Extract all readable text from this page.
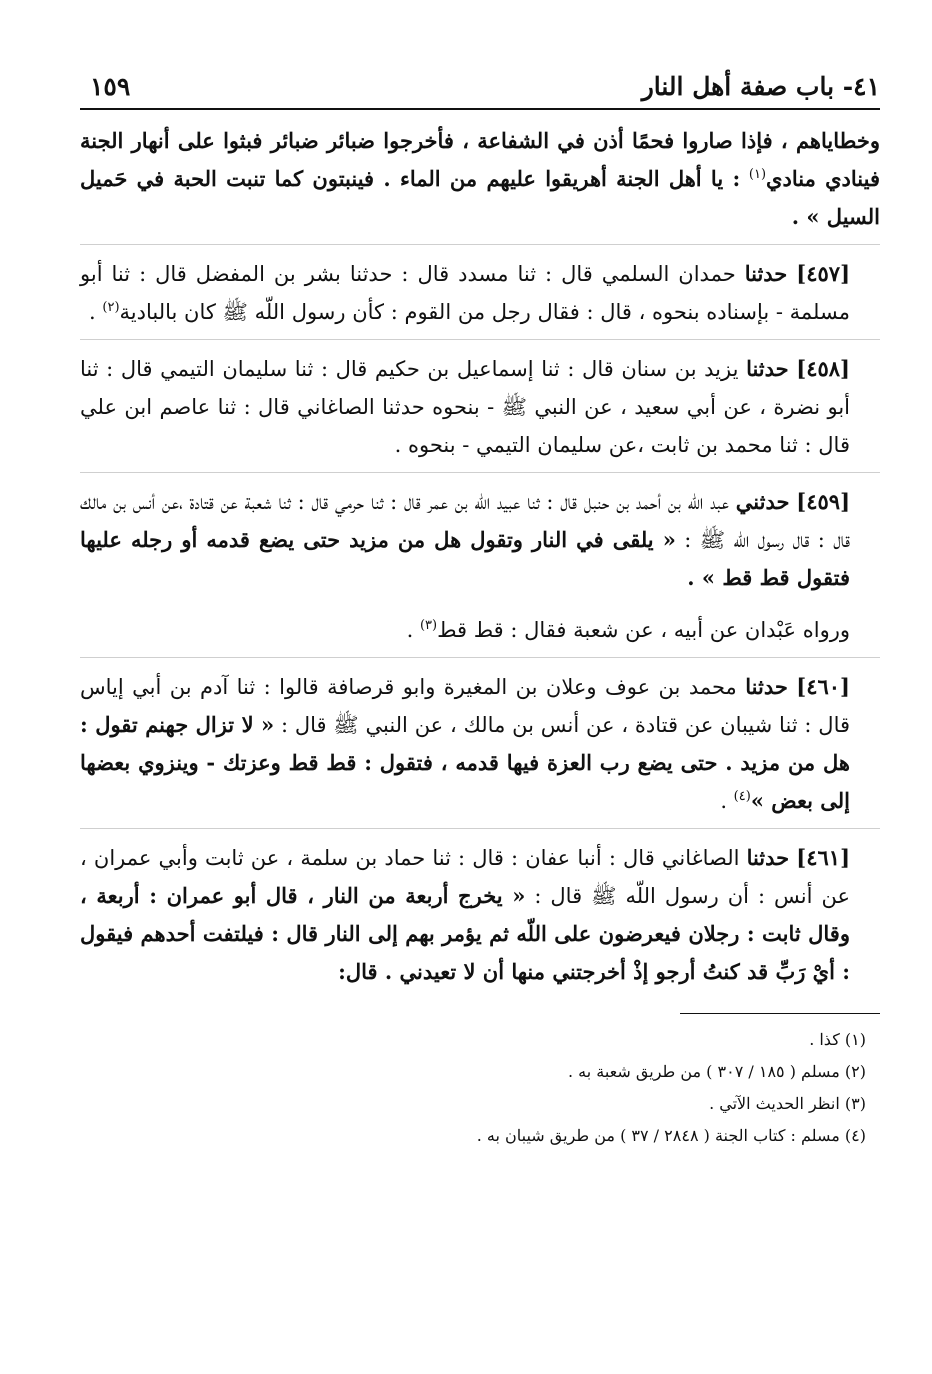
٤١- باب صفة أهل النار
١٥٩

وخطاياهم ، فإذا صاروا فحمًا أذن في الشفاعة ، فأخرجوا ضبائر ضبائر فبثوا على أنهار الجنة فينادي منادي$^{(١)}$ : يا أهل الجنة أهريقوا عليهم من الماء . فينبتون كما تنبت الحبة في حَميل السيل » .

[٤٥٧] حدثنا حمدان السلمي قال : ثنا مسدد قال : حدثنا بشر بن المفضل قال : ثنا أبو مسلمة - بإسناده بنحوه ، قال : فقال رجل من القوم : كأن رسول اللّه ﷺ كان بالبادية$^{(٢)}$ .

[٤٥٨] حدثنا يزيد بن سنان قال : ثنا إسماعيل بن حكيم قال : ثنا سليمان التيمي قال : ثنا أبو نضرة ، عن أبي سعيد ، عن النبي ﷺ - بنحوه حدثنا الصاغاني قال : ثنا عاصم ابن علي قال : ثنا محمد بن ثابت ،عن سليمان التيمي - بنحوه .

[٤٥٩] حدثني عبد اللّه بن أحمد بن حنبل قال : ثنا عبيد اللّه بن عمر قال : ثنا حرمي قال : ثنا شعبة عن قتادة ،عن أنس بن مالك قال : قال رسول اللّه ﷺ : « يلقى في النار وتقول هل من مزيد حتى يضع قدمه أو رجله عليها فتقول قط قط » .

ورواه عَبْدان عن أبيه ، عن شعبة فقال : قط قط$^{(٣)}$ .

[٤٦٠] حدثنا محمد بن عوف وعلان بن المغيرة وابو قرصافة قالوا : ثنا آدم بن أبي إياس قال : ثنا شيبان عن قتادة ، عن أنس بن مالك ، عن النبي ﷺ قال : « لا تزال جهنم تقول : هل من مزيد . حتى يضع رب العزة فيها قدمه ، فتقول : قط قط وعزتك - وينزوي بعضها إلى بعض »$^{(٤)}$ .

[٤٦١] حدثنا الصاغاني قال : أنبا عفان : قال : ثنا حماد بن سلمة ، عن ثابت وأبي عمران ، عن أنس : أن رسول اللّه ﷺ قال : « يخرج أربعة من النار ، قال أبو عمران : أربعة ، وقال ثابت : رجلان فيعرضون على اللّه ثم يؤمر بهم إلى النار قال : فيلتفت أحدهم فيقول : أيْ رَبِّ قد كنتُ أرجو إذْ أخرجتني منها أن لا تعيدني . قال:

(١) كذا .
(٢) مسلم ( ١٨٥ / ٣٠٧ ) من طريق شعبة به .
(٣) انظر الحديث الآتي .
(٤) مسلم : كتاب الجنة ( ٢٨٤٨ / ٣٧ ) من طريق شيبان به .
